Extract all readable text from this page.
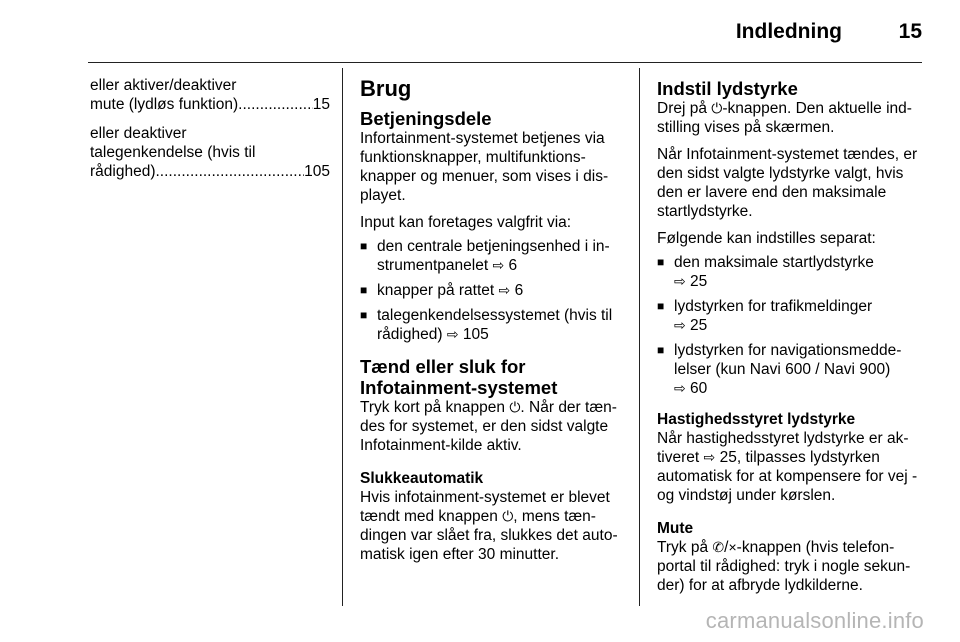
Indledning	15
eller aktiver/deaktiver
mute (lydløs funktion) .....	15
eller deaktiver
talegenkendelse (hvis til
rådighed) .....	105
Brug
Betjeningsdele

Infortainment-systemet betjenes via funktionsknapper, multifunktions-knapper og menuer, som vises i dis-playet.

Input kan foretages valgfrit via:

■ den centrale betjeningsenhed i in-strumentpanelet ⇨ 6
■ knapper på rattet ⇨ 6
■ talegenkendelsessystemet (hvis til rådighed) ⇨ 105
Tænd eller sluk for
Infotainment-systemet

Tryk kort på knappen ⏻. Når der tæn-des for systemet, er den sidst valgte Infotainment-kilde aktiv.

Slukkeautomatik

Hvis infotainment-systemet er blevet tændt med knappen ⏻, mens tæn-dingen var slået fra, slukkes det auto-matisk igen efter 30 minutter.

Indstil lydstyrke

Drej på ⏻-knappen. Den aktuelle ind-stilling vises på skærmen.

Når Infotainment-systemet tændes, er den sidst valgte lydstyrke valgt, hvis den er lavere end den maksimale startlydstyrke.

Følgende kan indstilles separat:

■ den maksimale startlydstyrke
⇨ 25
■ lydstyrken for trafikmeldinger
⇨ 25
■ lydstyrken for navigationsmedde-lelser (kun Navi 600 / Navi 900)
⇨ 60
Hastighedsstyret lydstyrke

Når hastighedsstyret lydstyrke er ak-tiveret ⇨ 25, tilpasses lydstyrken automatisk for at kompensere for vej - og vindstøj under kørslen.

Mute

Tryk på ✆/×-knappen (hvis telefon-portal til rådighed: tryk i nogle sekun-der) for at afbryde lydkilderne.

carmanualsonline.info
